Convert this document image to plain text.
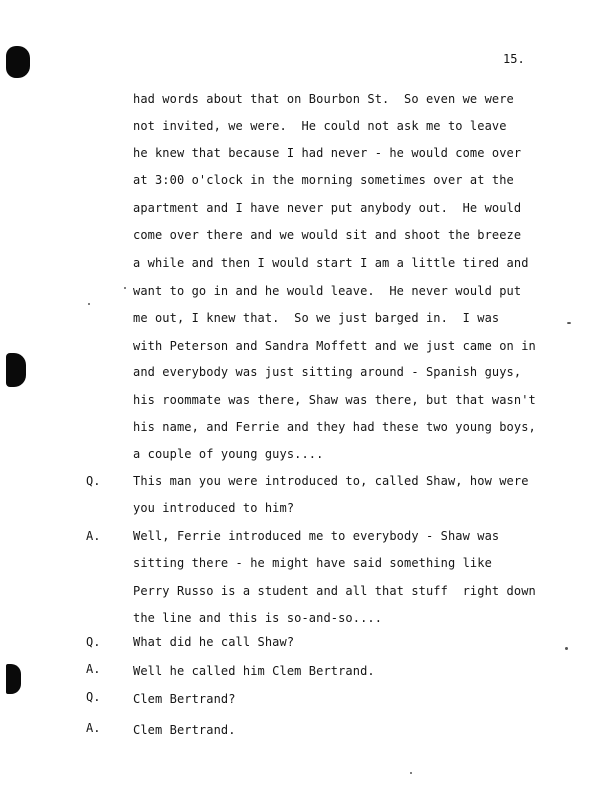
15.
had words about that on Bourbon St.  So even we were
not invited, we were.  He could not ask me to leave
he knew that because I had never - he would come over
at 3:00 o'clock in the morning sometimes over at the
apartment and I have never put anybody out.  He would
come over there and we would sit and shoot the breeze
a while and then I would start I am a little tired and
want to go in and he would leave.  He never would put
me out, I knew that.  So we just barged in.  I was
with Peterson and Sandra Moffett and we just came on in
and everybody was just sitting around - Spanish guys,
his roommate was there, Shaw was there, but that wasn't
his name, and Ferrie and they had these two young boys,
a couple of young guys....
Q.	This man you were introduced to, called Shaw, how were
you introduced to him?
A.	Well, Ferrie introduced me to everybody - Shaw was
sitting there - he might have said something like
Perry Russo is a student and all that stuff  right down
the line and this is so-and-so....
Q.	What did he call Shaw?
A.	Well he called him Clem Bertrand.
Q.	Clem Bertrand?
A.	Clem Bertrand.
